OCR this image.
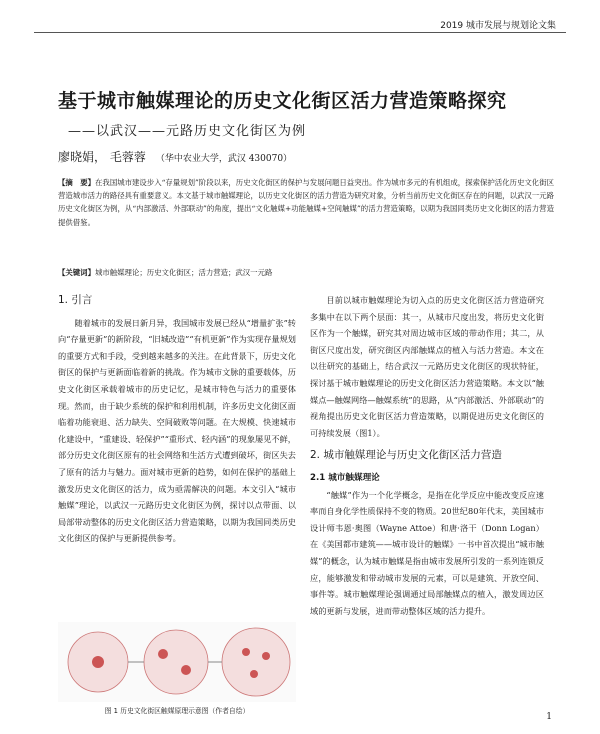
2019 城市发展与规划论文集
基于城市触媒理论的历史文化街区活力营造策略探究
——以武汉——元路历史文化街区为例
廖晓娟， 毛蓉蓉 （华中农业大学，武汉 430070）
【摘　要】在我国城市建设步入“存量规划”阶段以来，历史文化街区的保护与发展问题日益突出。作为城市多元的有机组成，探索保护活化历史文化街区营造城市活力的路径具有重要意义。本文基于城市触媒理论，以历史文化街区的活力营造为研究对象，分析当前历史文化街区存在的问题，以武汉一元路历史文化街区为例，从“内部激活、外部联动”的角度，提出“文化触媒+功能触媒+空间触媒”的活力营造策略，以期为我国同类历史文化街区的活力营造提供借鉴。
【关键词】城市触媒理论；历史文化街区；活力营造；武汉一元路
1. 引言

随着城市的发展日新月异，我国城市发展已经从“增量扩张”转向“存量更新”的新阶段，“旧城改造”“有机更新”作为实现存量规划的重要方式和手段，受到越来越多的关注。在此背景下，历史文化街区的保护与更新面临着新的挑战。作为城市文脉的重要载体，历史文化街区承载着城市的历史记忆，是城市特色与活力的重要体现。然而，由于缺少系统的保护和利用机制，许多历史文化街区面临着功能衰退、活力缺失、空间破败等问题。在大规模、快速城市化建设中，“重建设、轻保护”“重形式、轻内涵”的现象屡见不鲜，部分历史文化街区原有的社会网络和生活方式遭到破坏，街区失去了原有的活力与魅力。面对城市更新的趋势，如何在保护的基础上激发历史文化街区的活力，成为亟需解决的问题。本文引入“城市触媒”理论，以武汉一元路历史文化街区为例，探讨以点带面、以局部带动整体的历史文化街区活力营造策略，以期为我国同类历史文化街区的保护与更新提供参考。

图 1 历史文化街区触媒原理示意图（作者自绘）

目前以城市触媒理论为切入点的历史文化街区活力营造研究多集中在以下两个层面：其一，从城市尺度出发，将历史文化街区作为一个触媒，研究其对周边城市区域的带动作用；其二，从街区尺度出发，研究街区内部触媒点的植入与活力营造。本文在以往研究的基础上，结合武汉一元路历史文化街区的现状特征，探讨基于城市触媒理论的历史文化街区活力营造策略。本文以“触媒点—触媒网络—触媒系统”的思路，从“内部激活、外部联动”的视角提出历史文化街区活力营造策略，以期促进历史文化街区的可持续发展（图1）。

2. 城市触媒理论与历史文化街区活力营造
2.1 城市触媒理论

“触媒”作为一个化学概念，是指在化学反应中能改变反应速率而自身化学性质保持不变的物质。20世纪80年代末，美国城市设计师韦恩·奥图（Wayne Attoe）和唐·洛干（Donn Logan）在《美国都市建筑——城市设计的触媒》一书中首次提出“城市触媒”的概念，认为城市触媒是指由城市发展所引发的一系列连锁反应，能够激发和带动城市发展的元素，可以是建筑、开放空间、事件等。城市触媒理论强调通过局部触媒点的植入，激发周边区域的更新与发展，进而带动整体区域的活力提升。

1
